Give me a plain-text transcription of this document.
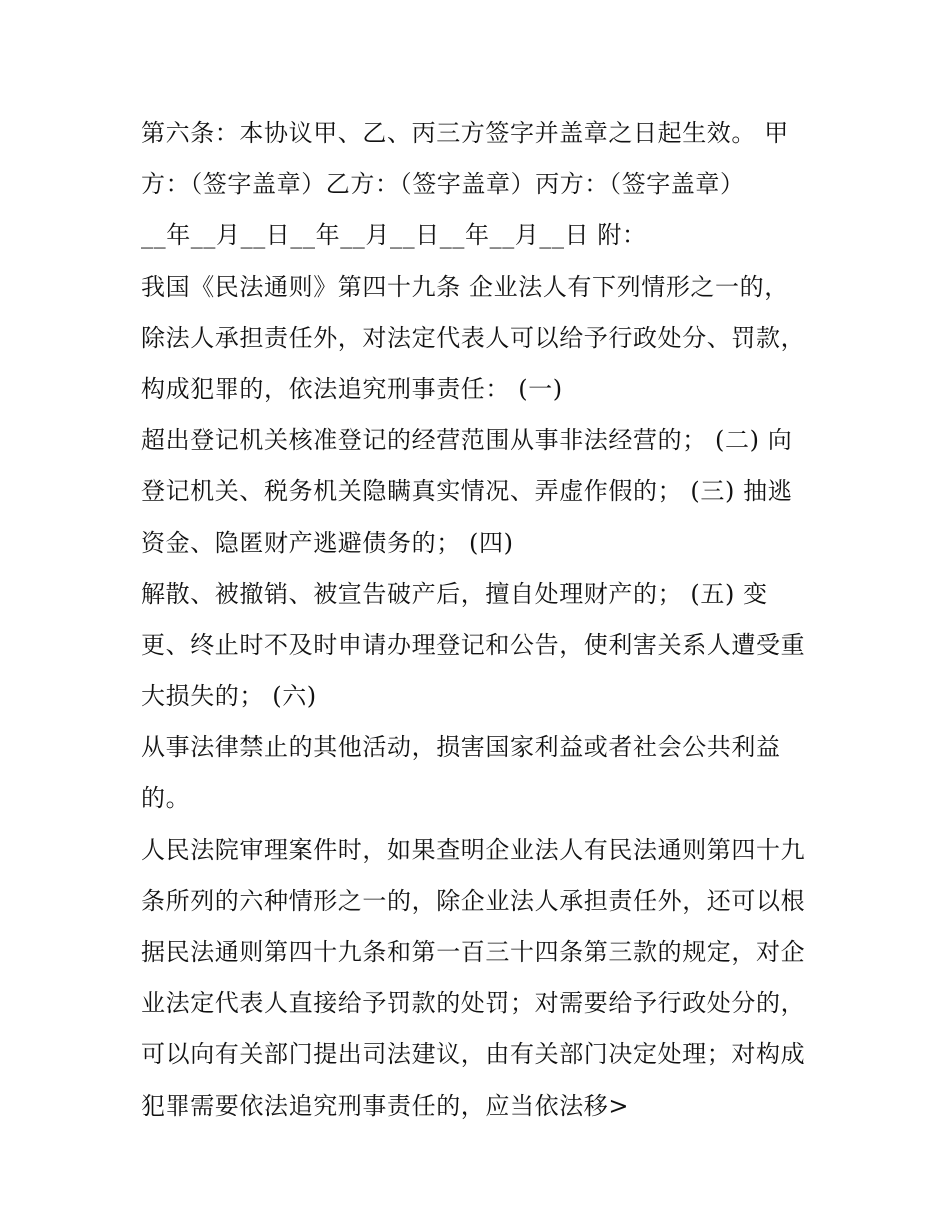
第六条：本协议甲、乙、丙三方签字并盖章之日起生效。 甲
方：（签字盖章）乙方：（签字盖章）丙方：（签字盖章）
__年__月__日__年__月__日__年__月__日 附：
我国《民法通则》第四十九条 企业法人有下列情形之一的，
除法人承担责任外，对法定代表人可以给予行政处分、罚款，
构成犯罪的，依法追究刑事责任： (一)
超出登记机关核准登记的经营范围从事非法经营的； (二) 向
登记机关、税务机关隐瞒真实情况、弄虚作假的； (三) 抽逃
资金、隐匿财产逃避债务的； (四)
解散、被撤销、被宣告破产后，擅自处理财产的； (五) 变
更、终止时不及时申请办理登记和公告，使利害关系人遭受重
大损失的； (六)
从事法律禁止的其他活动，损害国家利益或者社会公共利益
的。
人民法院审理案件时，如果查明企业法人有民法通则第四十九
条所列的六种情形之一的，除企业法人承担责任外，还可以根
据民法通则第四十九条和第一百三十四条第三款的规定，对企
业法定代表人直接给予罚款的处罚；对需要给予行政处分的，
可以向有关部门提出司法建议，由有关部门决定处理；对构成
犯罪需要依法追究刑事责任的，应当依法移>
